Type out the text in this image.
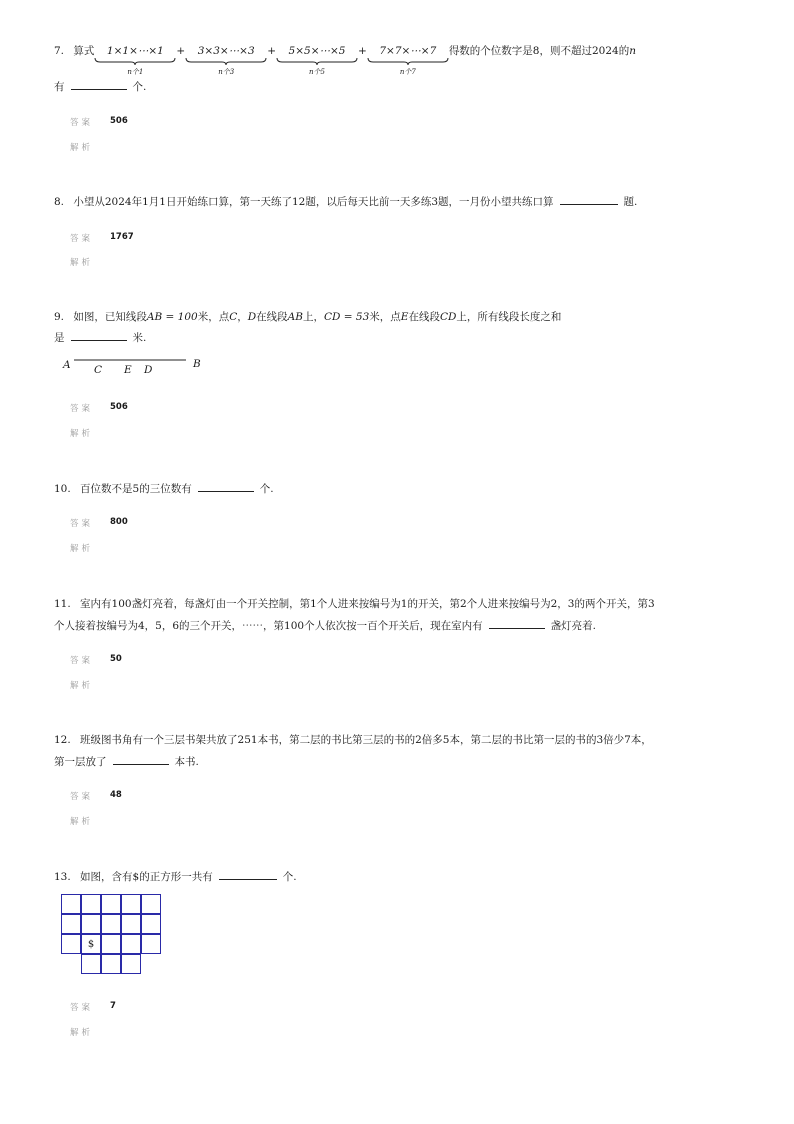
7. 算式 1×1×⋯×1
n个1
+ 3×3×⋯×3
n个3
+ 5×5×⋯×5
n个5
+ 7×7×⋯×7
n个7
得数的个位数字是8，则不超过2024的n
有	个.
答案 506
解析
8. 小望从2024年1月1日开始练口算，第一天练了12题，以后每天比前一天多练3题，一月份小望共练口算	题.
答案 1767
解析
9. 如图，已知线段AB = 100米，点C，D在线段AB上，CD = 53米，点E在线段CD上，所有线段长度之和
是	米.
A C E D	B
答案 506
解析
10. 百位数不是5的三位数有	个.
答案 800
解析
11. 室内有100盏灯亮着，每盏灯由一个开关控制，第1个人进来按编号为1的开关，第2个人进来按编号为2，3的两个开关，第3
个人接着按编号为4，5，6的三个开关，⋯⋯，第100个人依次按一百个开关后，现在室内有	盏灯亮着.
答案 50
解析
12. 班级图书角有一个三层书架共放了251本书，第二层的书比第三层的书的2倍多5本，第二层的书比第一层的书的3倍少7本，
第一层放了	本书.
答案 48
解析
13. 如图，含有$的正方形一共有	个.
$
答案 7
解析
